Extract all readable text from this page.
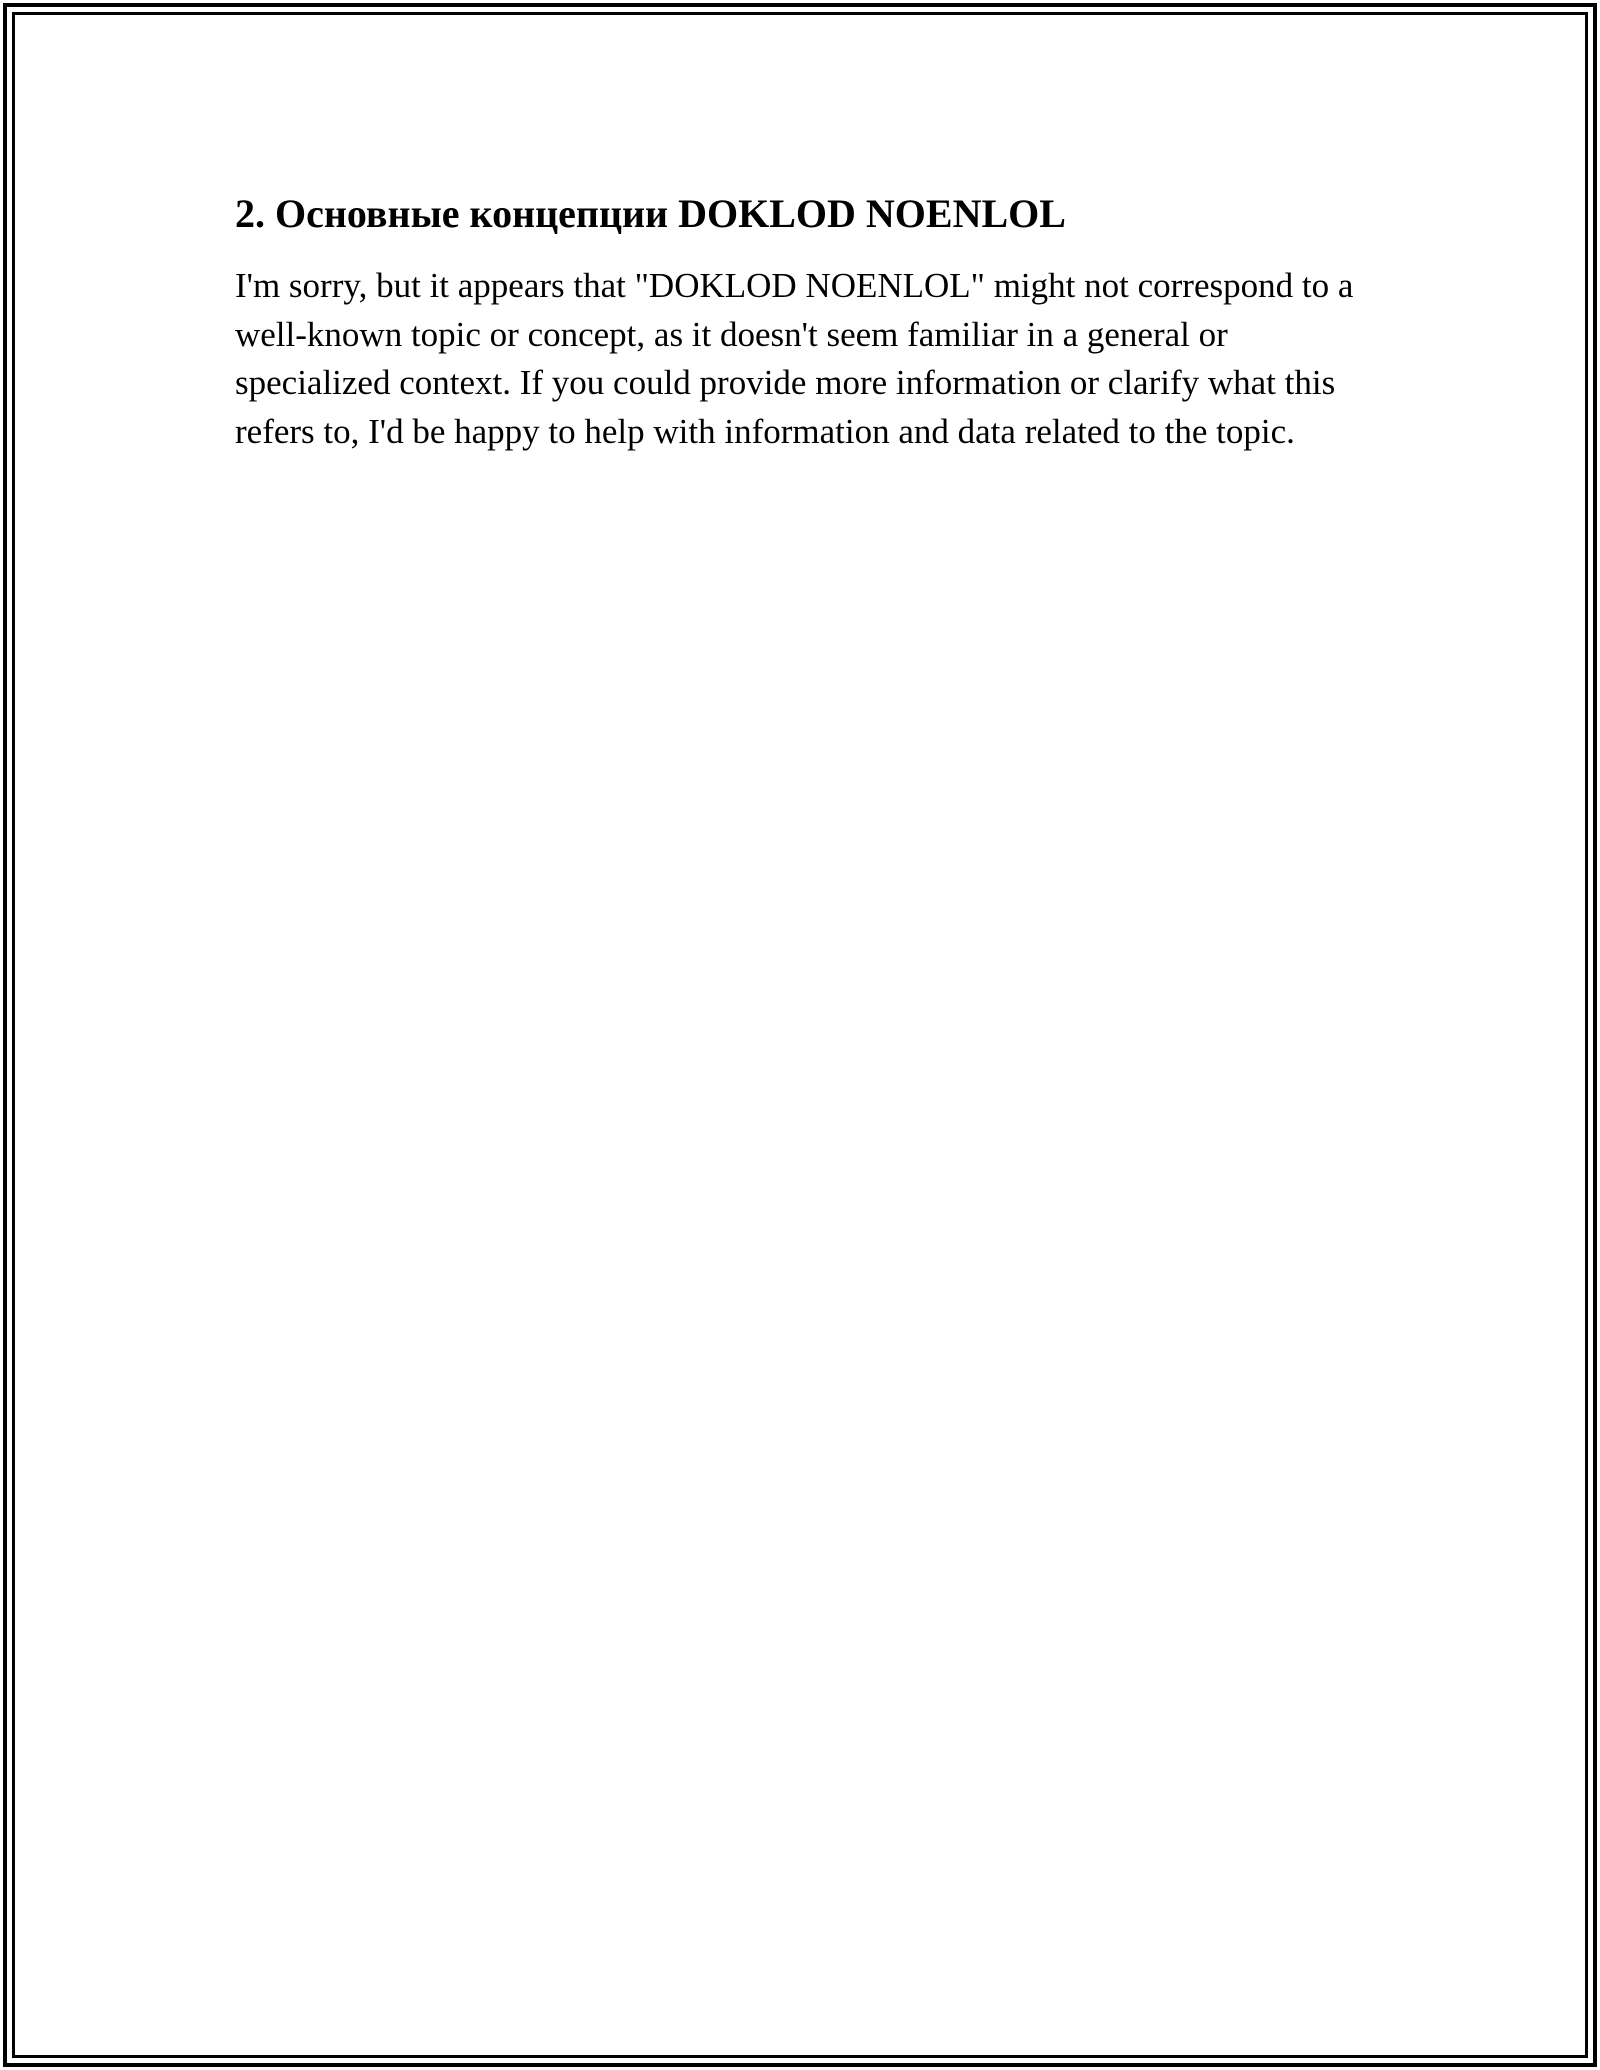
2. Основные концепции DOKLOD NOENLOL

I'm sorry, but it appears that "DOKLOD NOENLOL" might not correspond to a well-known topic or concept, as it doesn't seem familiar in a general or specialized context. If you could provide more information or clarify what this refers to, I'd be happy to help with information and data related to the topic.
